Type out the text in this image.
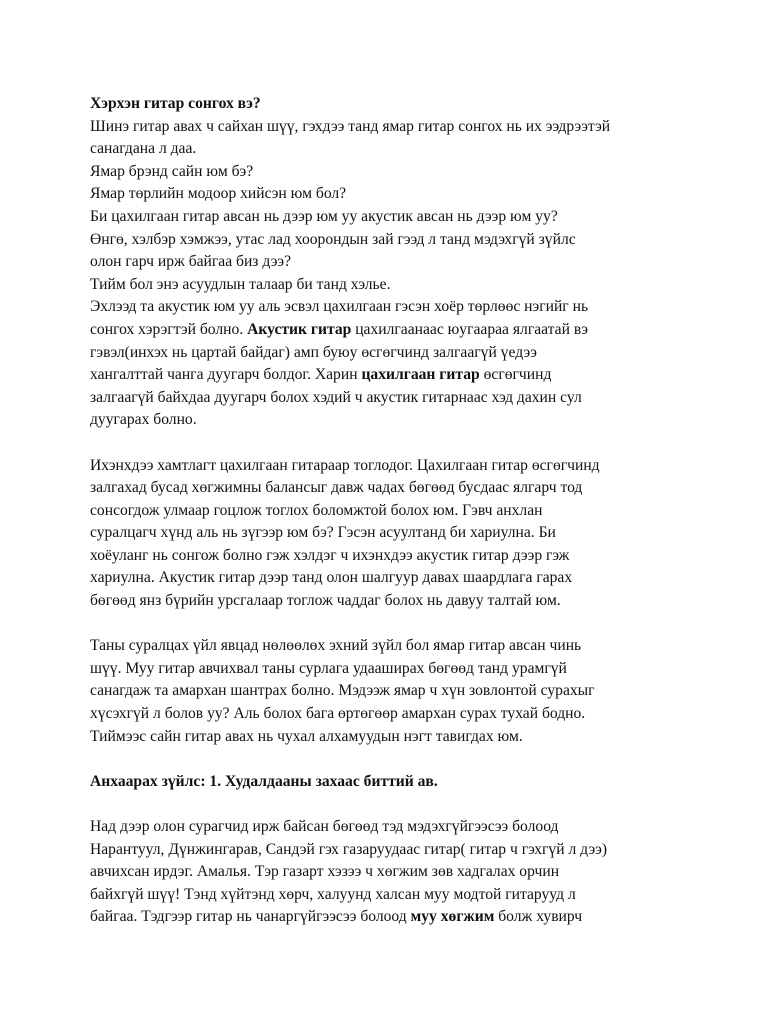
Хэрхэн гитар сонгох вэ?
Шинэ гитар авах ч сайхан шүү, гэхдээ танд ямар гитар сонгох нь их ээдрээтэй
санагдана л даа.
Ямар брэнд сайн юм бэ?
Ямар төрлийн модоор хийсэн юм бол?
Би цахилгаан гитар авсан нь дээр юм уу акустик авсан нь дээр юм уу?
Өнгө, хэлбэр хэмжээ, утас лад хоорондын зай гээд л танд мэдэхгүй зүйлс
олон гарч ирж байгаа биз дээ?
Тийм бол энэ асуудлын талаар би танд хэлье.
Эхлээд та акустик юм уу аль эсвэл цахилгаан гэсэн хоёр төрлөөс нэгийг нь
сонгох хэрэгтэй болно. Акустик гитар цахилгаанаас юугаараа ялгаатай вэ
гэвэл(инхэх нь цартай байдаг) амп буюу өсгөгчинд залгаагүй үедээ
хангалттай чанга дуугарч болдог. Харин цахилгаан гитар өсгөгчинд
залгаагүй байхдаа дуугарч болох хэдий ч акустик гитарнаас хэд дахин сул
дуугарах болно.
Ихэнхдээ хамтлагт цахилгаан гитараар тоглодог. Цахилгаан гитар өсгөгчинд
залгахад бусад хөгжимны балансыг давж чадах бөгөөд бусдаас ялгарч тод
сонсогдож улмаар гоцлож тоглох боломжтой болох юм. Гэвч анхлан
суралцагч хүнд аль нь зүгээр юм бэ? Гэсэн асуултанд би хариулна. Би
хоёуланг нь сонгож болно гэж хэлдэг ч ихэнхдээ акустик гитар дээр гэж
хариулна. Акустик гитар дээр танд олон шалгуур давах шаардлага гарах
бөгөөд янз бүрийн урсгалаар тоглож чаддаг болох нь давуу талтай юм.
Таны суралцах үйл явцад нөлөөлөх эхний зүйл бол ямар гитар авсан чинь
шүү. Муу гитар авчихвал таны сурлага удааширах бөгөөд танд урамгүй
санагдаж та амархан шантрах болно. Мэдээж ямар ч хүн зовлонтой сурахыг
хүсэхгүй л болов уу? Аль болох бага өртөгөөр амархан сурах тухай бодно.
Тиймээс сайн гитар авах нь чухал алхамуудын нэгт тавигдах юм.
Анхаарах зүйлс: 1. Худалдааны захаас биттий ав.
Над дээр олон сурагчид ирж байсан бөгөөд тэд мэдэхгүйгээсээ болоод
Нарантуул, Дүнжингарав, Сандэй гэх газаруудаас гитар( гитар ч гэхгүй л дээ)
авчихсан ирдэг. Амалья. Тэр газарт хэзээ ч хөгжим зөв хадгалах орчин
байхгүй шүү! Тэнд хүйтэнд хөрч, халуунд халсан муу модтой гитарууд л
байгаа. Тэдгээр гитар нь чанаргүйгээсээ болоод муу хөгжим болж хувирч
